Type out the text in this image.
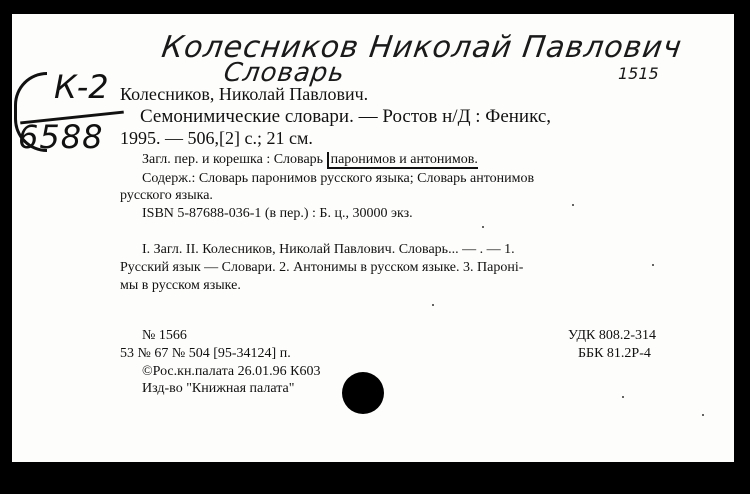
Колесников Николай Павлович
Словарь	1515
К-2
6588
Колесников, Николай Павлович.
Семонимические словари. — Ростов н/Д : Феникс,
1995. — 506,[2] с.; 21 см.
Загл. пер. и корешка : Словарь паронимов и антонимов.
Содерж.: Словарь паронимов русского языка; Словарь антонимов
русского языка.
ISBN 5-87688-036-1 (в пер.) : Б. ц., 30000 экз.
I. Загл. II. Колесников, Николай Павлович. Словарь... — . — 1.
Русский язык — Словари. 2. Антонимы в русском языке. 3. Пароні-
мы в русском языке.
№ 1566
53 № 67 № 504 [95-34124] п.
©Рос.кн.палата 26.01.96 К603
Изд-во "Книжная палата"
УДК 808.2-314
ББК 81.2Р-4
